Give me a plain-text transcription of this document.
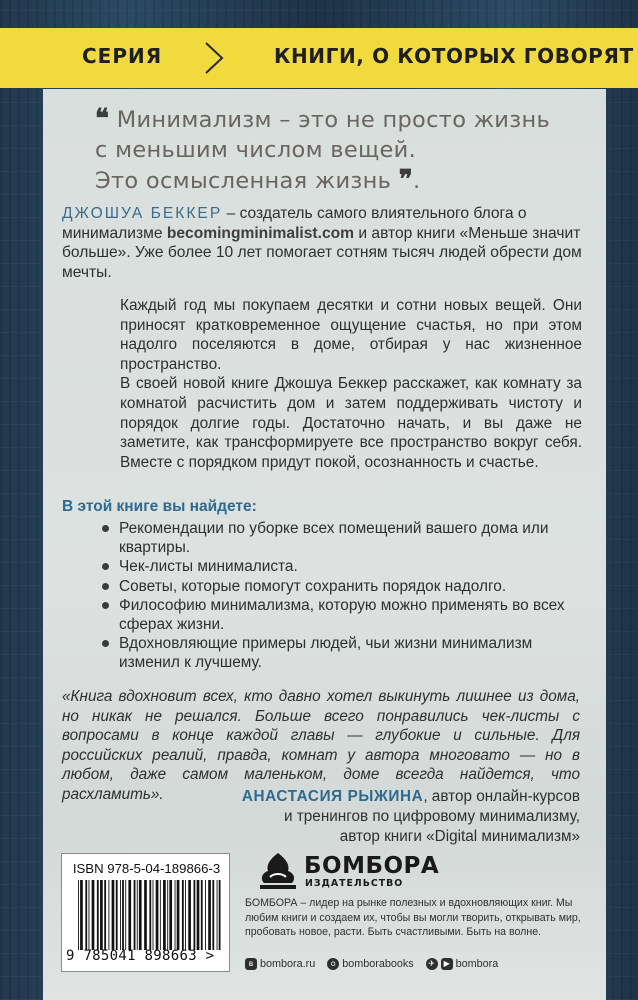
СЕРИЯ	КНИГИ, О КОТОРЫХ ГОВОРЯТ
❝ Минимализм – это не просто жизнь
с меньшим числом вещей.
Это осмысленная жизнь ❞.
ДЖОШУА БЕККЕР – создатель самого влиятельного блога о минимализме becomingminimalist.com и автор книги «Меньше значит больше». Уже более 10 лет помогает сотням тысяч людей обрести дом мечты.

Каждый год мы покупаем десятки и сотни новых вещей. Они приносят кратковременное ощущение счастья, но при этом надолго поселяются в доме, отбирая у нас жизненное пространство.

В своей новой книге Джошуа Беккер расскажет, как комнату за комнатой расчистить дом и затем поддерживать чистоту и порядок долгие годы. Достаточно начать, и вы даже не заметите, как трансформируете все пространство вокруг себя. Вместе с порядком придут покой, осознанность и счастье.

В этой книге вы найдете:
Рекомендации по уборке всех помещений вашего дома или квартиры.
Чек-листы минималиста.
Советы, которые помогут сохранить порядок надолго.
Философию минимализма, которую можно применять во всех сферах жизни.
Вдохновляющие примеры людей, чьи жизни минимализм изменил к лучшему.
«Книга вдохновит всех, кто давно хотел выкинуть лишнее из дома, но никак не решался. Больше всего понравились чек-листы с вопросами в конце каждой главы — глубокие и сильные. Для российских реалий, правда, комнат у автора многовато — но в любом, даже самом маленьком, доме всегда найдется, что расхламить».	АНАСТАСИЯ РЫЖИНА, автор онлайн-курсов
и тренингов по цифровому минимализму,
автор книги «Digital минимализм»
ISBN 978-5-04-189866-3
9 785041 898663 >
БОМБОРА
ИЗДАТЕЛЬСТВО
БОМБОРА – лидер на рынке полезных и вдохновляющих книг. Мы любим книги и создаем их, чтобы вы могли творить, открывать мир, пробовать новое, расти. Быть счастливыми. Быть на волне.
в bombora.ru	о bomborabooks	✈	▶ bombora
